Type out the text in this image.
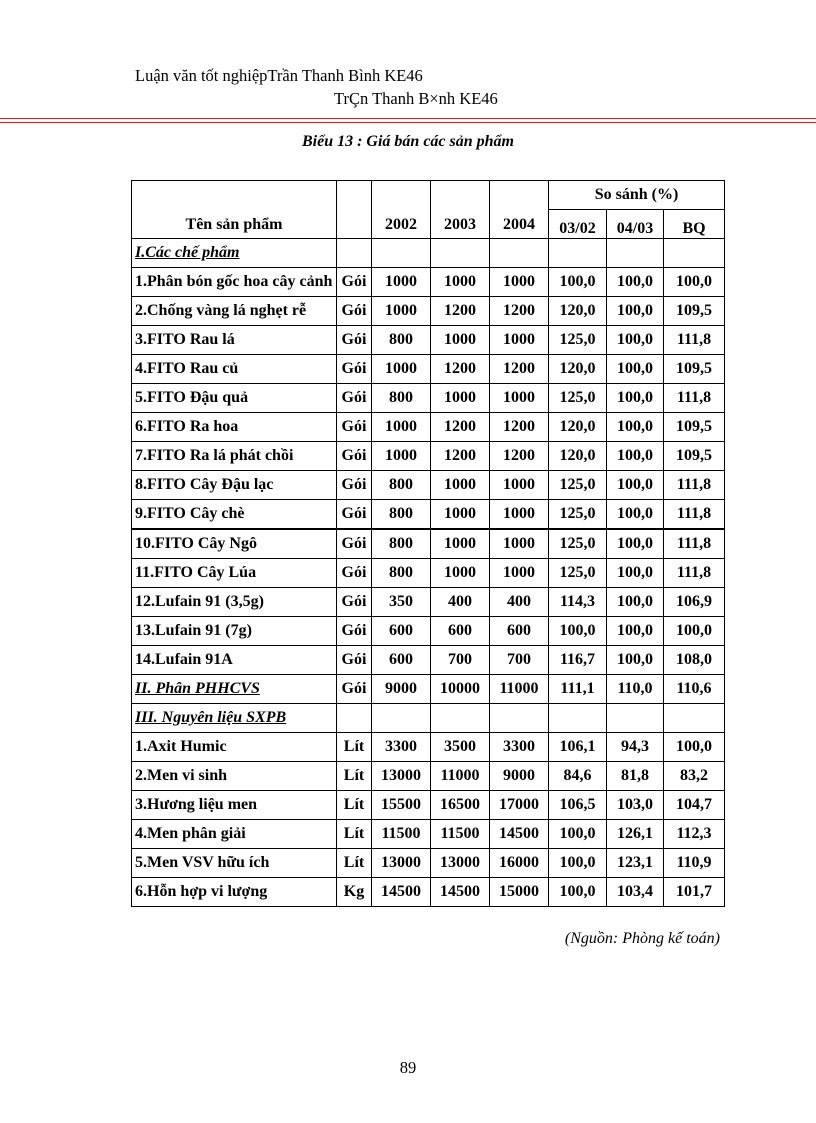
Luận văn tốt nghiệpTrần Thanh Bình KE46
TrÇn Thanh B×nh KE46
Biểu 13 : Giá bán các sản phẩm
Tên sản phẩm		2002	2003	2004	So sánh (%)		
					03/02	04/03	BQ
I.Các chế phẩm							
1.Phân bón gốc hoa cây cảnh	Gói	1000	1000	1000	100,0	100,0	100,0
2.Chống vàng lá nghẹt rễ	Gói	1000	1200	1200	120,0	100,0	109,5
3.FITO Rau lá	Gói	800	1000	1000	125,0	100,0	111,8
4.FITO Rau củ	Gói	1000	1200	1200	120,0	100,0	109,5
5.FITO Đậu quả	Gói	800	1000	1000	125,0	100,0	111,8
6.FITO Ra hoa	Gói	1000	1200	1200	120,0	100,0	109,5
7.FITO Ra lá phát chồi	Gói	1000	1200	1200	120,0	100,0	109,5
8.FITO Cây Đậu lạc	Gói	800	1000	1000	125,0	100,0	111,8
9.FITO Cây chè	Gói	800	1000	1000	125,0	100,0	111,8
10.FITO Cây Ngô	Gói	800	1000	1000	125,0	100,0	111,8
11.FITO Cây Lúa	Gói	800	1000	1000	125,0	100,0	111,8
12.Lufain 91 (3,5g)	Gói	350	400	400	114,3	100,0	106,9
13.Lufain 91 (7g)	Gói	600	600	600	100,0	100,0	100,0
14.Lufain 91A	Gói	600	700	700	116,7	100,0	108,0
II. Phân PHHCVS	Gói	9000	10000	11000	111,1	110,0	110,6
III. Nguyên liệu SXPB							
1.Axit Humic	Lít	3300	3500	3300	106,1	94,3	100,0
2.Men vi sinh	Lít	13000	11000	9000	84,6	81,8	83,2
3.Hương liệu men	Lít	15500	16500	17000	106,5	103,0	104,7
4.Men phân giải	Lít	11500	11500	14500	100,0	126,1	112,3
5.Men VSV hữu ích	Lít	13000	13000	16000	100,0	123,1	110,9
6.Hỗn hợp vi lượng	Kg	14500	14500	15000	100,0	103,4	101,7
(Nguồn: Phòng kế toán)
89
